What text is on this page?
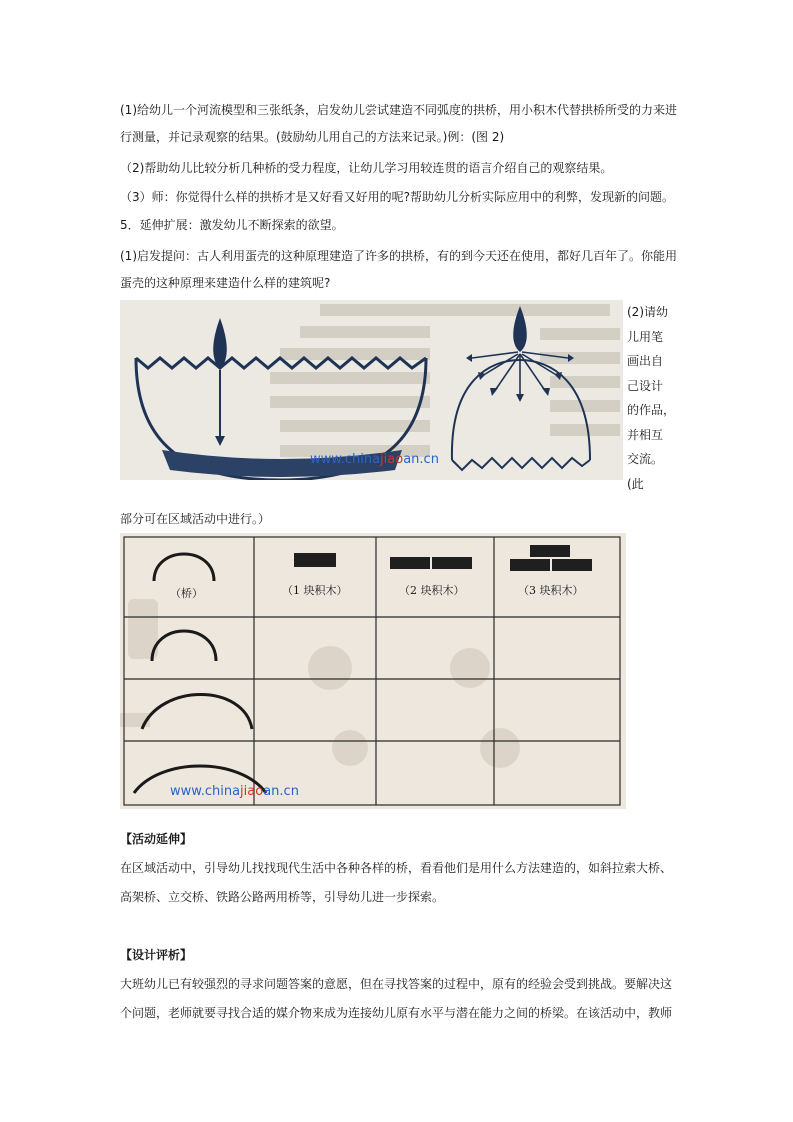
(1)给幼儿一个河流模型和三张纸条，启发幼儿尝试建造不同弧度的拱桥，用小积木代替拱桥所受的力来进
行测量，并记录观察的结果。(鼓励幼儿用自己的方法来记录。)例：(图 2)
（2)帮助幼儿比较分析几种桥的受力程度，让幼儿学习用较连贯的语言介绍自己的观察结果。
（3）师：你觉得什么样的拱桥才是又好看又好用的呢?帮助幼儿分析实际应用中的利弊，发现新的问题。
5．延伸扩展：激发幼儿不断探索的欲望。
(1)启发提问：古人利用蛋壳的这种原理建造了许多的拱桥，有的到今天还在使用，都好几百年了。你能用
蛋壳的这种原理来建造什么样的建筑呢?
www.chinajiaoan.cn
(2)请幼
儿用笔
画出自
己设计
的作品，
并相互
交流。(此
部分可在区域活动中进行。）
（桥）	（1 块积木）	（2 块积木）	（3 块积木）
www.chinajiaoan.cn
【活动延伸】
在区域活动中，引导幼儿找找现代生活中各种各样的桥，看看他们是用什么方法建造的，如斜拉索大桥、
高架桥、立交桥、铁路公路两用桥等，引导幼儿进一步探索。
【设计评析】
大班幼儿已有较强烈的寻求问题答案的意愿，但在寻找答案的过程中，原有的经验会受到挑战。要解决这
个问题，老师就要寻找合适的媒介物来成为连接幼儿原有水平与潜在能力之间的桥梁。在该活动中，教师
